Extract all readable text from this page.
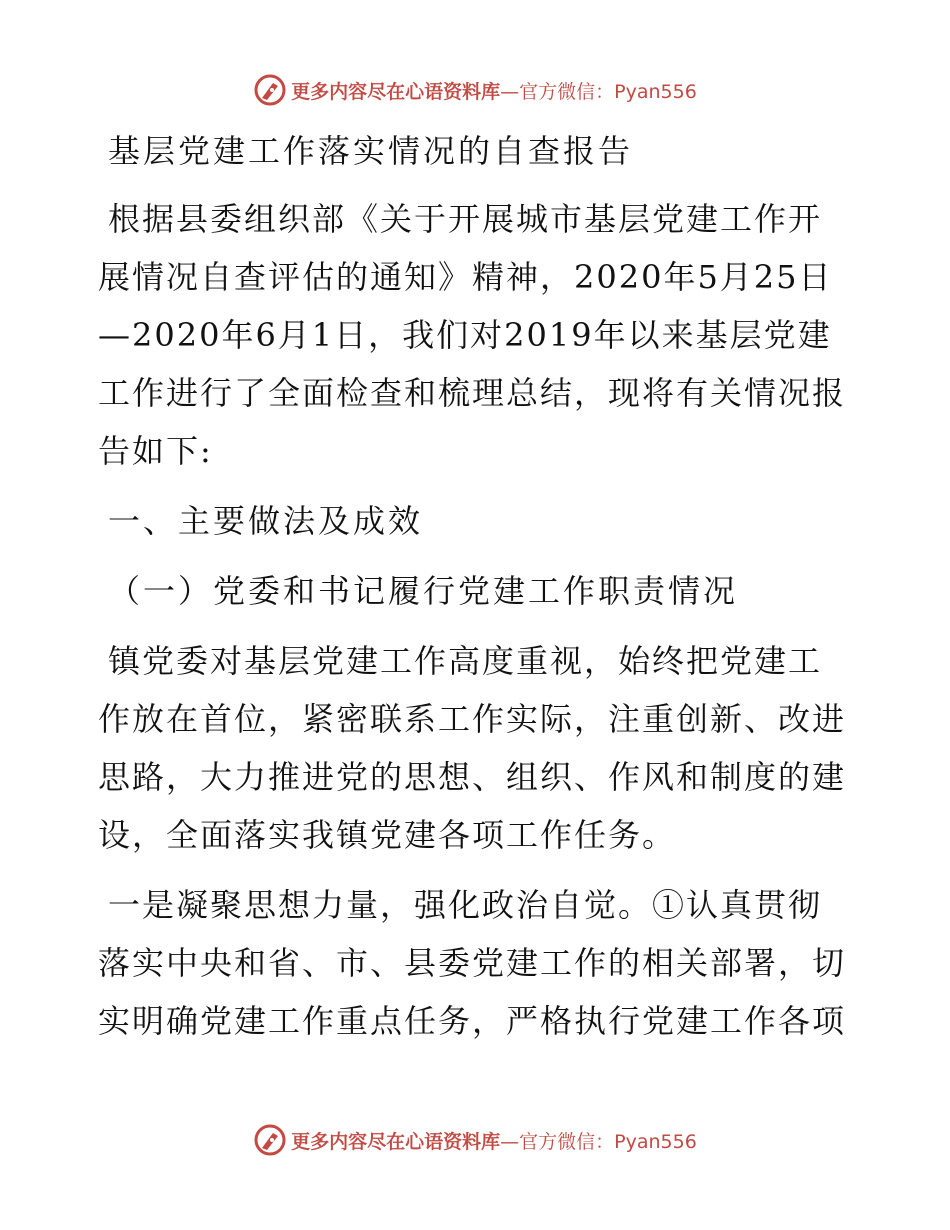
更多内容尽在心语资料库—官方微信：Pyan556
基层党建工作落实情况的自查报告
根据县委组织部《关于开展城市基层党建工作开展情况自查评估的通知》精神，2020年5月25日—2020年6月1日，我们对2019年以来基层党建工作进行了全面检查和梳理总结，现将有关情况报告如下:
一、主要做法及成效
（一）党委和书记履行党建工作职责情况
镇党委对基层党建工作高度重视，始终把党建工作放在首位，紧密联系工作实际，注重创新、改进思路，大力推进党的思想、组织、作风和制度的建设，全面落实我镇党建各项工作任务。
一是凝聚思想力量，强化政治自觉。①认真贯彻落实中央和省、市、县委党建工作的相关部署，切实明确党建工作重点任务，严格执行党建工作各项
更多内容尽在心语资料库—官方微信：Pyan556
